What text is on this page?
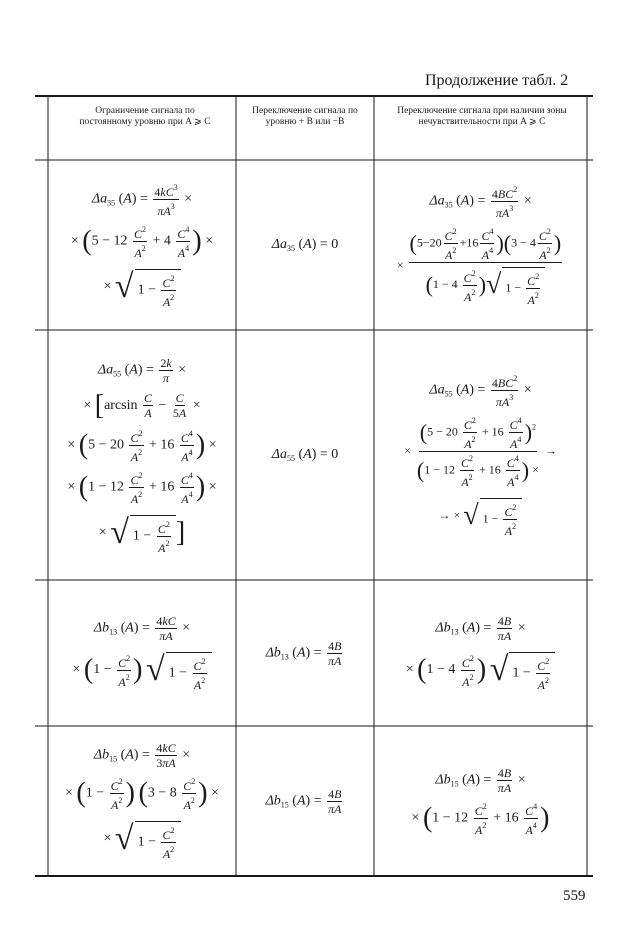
Продолжение табл. 2
Ограничение сигнала по постоянному уровню при A ⩾ C
Переключение сигнала по уровню + B или −B
Переключение сигнала при наличии зоны нечувствительности при A ⩾ C
$\Delta a_{35}$ $(A) = \frac{4kC^3}{\pi A^3}$ ×
× ($5 - 12 \frac{C^2}{A^2} + 4 \frac{C^4}{A^4}$ ) ×
× √ $1 - \frac{C^2}{A^2}$
$\Delta a_{35}$ (A) = 0
$\Delta a_{35}$ $(A) = \frac{4BC^2}{\pi A^3}$ ×
× $\frac{(5-20 \frac{C^2}{A^2} +16 \frac{C^4}{A^4} )(3 - 4 \frac{C^2}{A^2} )}{(1 - 4 \frac{C^2}{A^2} ) √ 1 - \frac{C^2}{A^2}}$
$\Delta a_{55}$ $(A) = \frac{2k}{\pi}$ ×
× [$\arcsin \frac{C}{A} - \frac{C}{5A}$ ×
× ($5 - 20 \frac{C^2}{A^2} + 16 \frac{C^4}{A^4}$ ) ×
× ($1 - 12 \frac{C^2}{A^2} + 16 \frac{C^4}{A^4}$ ) ×
× √ $1 - \frac{C^2}{A^2}$ ]
$\Delta a_{55}$ (A) = 0
$\Delta a_{55}$ $(A) = \frac{4BC^2}{\pi A^3}$ ×
× $\frac{(5 - 20 \frac{C^2}{A^2} + 16 \frac{C^4}{A^4} )^2}{(1 - 12 \frac{C^2}{A^2} + 16 \frac{C^4}{A^4} ) \times}$ →
→ × √ $1 - \frac{C^2}{A^2}$
$\Delta b_{13}$ $(A) = \frac{4kC}{\pi A}$ ×
× ($1 - \frac{C^2}{A^2}$ ) √ $1 - \frac{C^2}{A^2}$
$\Delta b_{13}$ $(A) = \frac{4B}{\pi A}$
$\Delta b_{13}$ $(A) = \frac{4B}{\pi A}$ ×
× ($1 - 4 \frac{C^2}{A^2}$ ) √ $1 - \frac{C^2}{A^2}$
$\Delta b_{15}$ $(A) = \frac{4kC}{3\pi A}$ ×
× ($1 - \frac{C^2}{A^2}$ ) ($3 - 8 \frac{C^2}{A^2}$ ) ×
× √ $1 - \frac{C^2}{A^2}$
$\Delta b_{15}$ $(A) = \frac{4B}{\pi A}$
$\Delta b_{15}$ $(A) = \frac{4B}{\pi A}$ ×
× ($1 - 12 \frac{C^2}{A^2} + 16 \frac{C^4}{A^4}$ )
559
